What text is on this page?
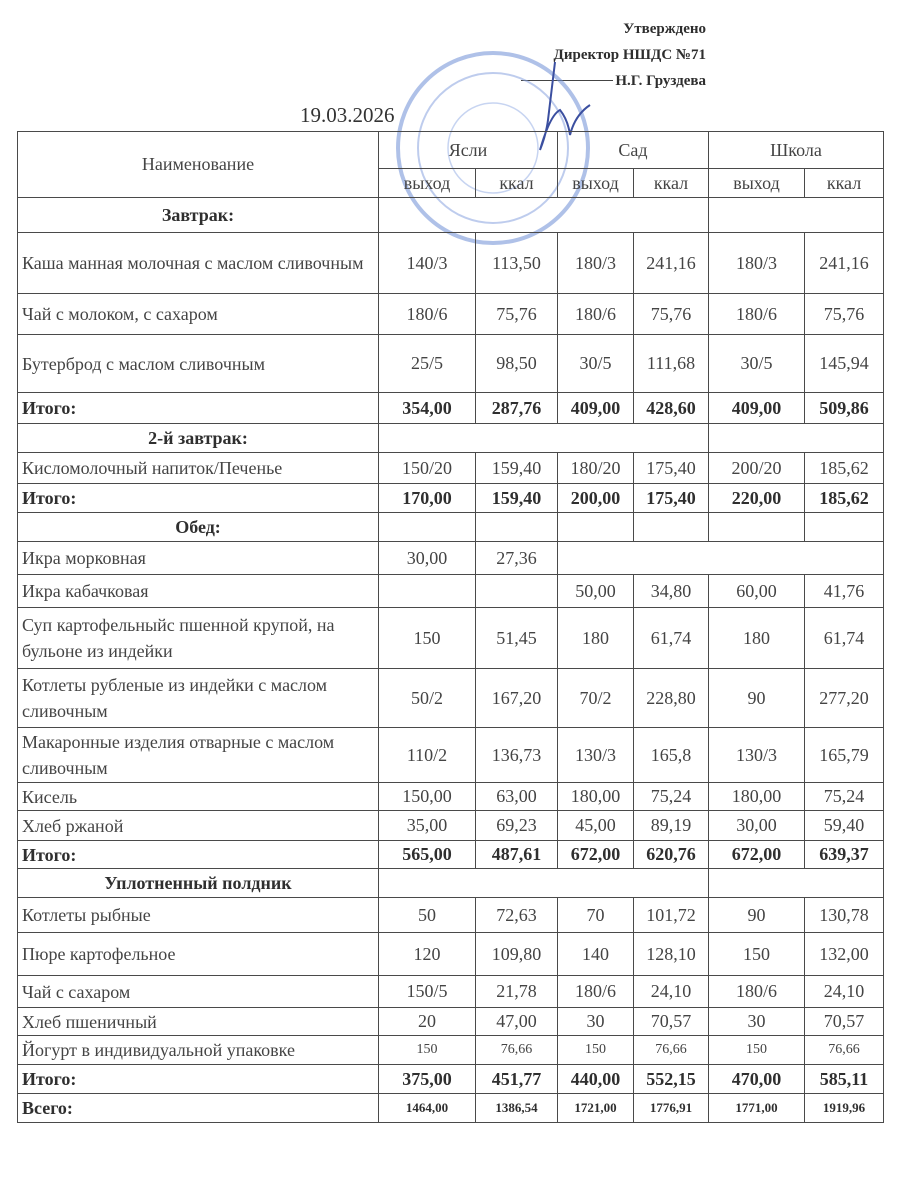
Утверждено
Директор НШДС №71
Н.Г. Груздева
19.03.2026
Наименование	Ясли		Сад		Школа	
	выход	ккал	выход	ккал	выход	ккал
Завтрак:						
Каша манная молочная с маслом сливочным	140/3	113,50	180/3	241,16	180/3	241,16
Чай с молоком, с сахаром	180/6	75,76	180/6	75,76	180/6	75,76
Бутерброд с маслом сливочным	25/5	98,50	30/5	111,68	30/5	145,94
Итого:	354,00	287,76	409,00	428,60	409,00	509,86
2-й завтрак:						
Кисломолочный напиток/Печенье	150/20	159,40	180/20	175,40	200/20	185,62
Итого:	170,00	159,40	200,00	175,40	220,00	185,62
Обед:						
Икра морковная	30,00	27,36				
Икра кабачковая			50,00	34,80	60,00	41,76
Суп картофельныйс пшенной крупой, на бульоне из индейки	150	51,45	180	61,74	180	61,74
Котлеты рубленые из индейки с маслом сливочным	50/2	167,20	70/2	228,80	90	277,20
Макаронные изделия отварные с маслом сливочным	110/2	136,73	130/3	165,8	130/3	165,79
Кисель	150,00	63,00	180,00	75,24	180,00	75,24
Хлеб ржаной	35,00	69,23	45,00	89,19	30,00	59,40
Итого:	565,00	487,61	672,00	620,76	672,00	639,37
Уплотненный полдник						
Котлеты рыбные	50	72,63	70	101,72	90	130,78
Пюре картофельное	120	109,80	140	128,10	150	132,00
Чай с сахаром	150/5	21,78	180/6	24,10	180/6	24,10
Хлеб пшеничный	20	47,00	30	70,57	30	70,57
Йогурт в индивидуальной упаковке	150	76,66	150	76,66	150	76,66
Итого:	375,00	451,77	440,00	552,15	470,00	585,11
Всего:	1464,00	1386,54	1721,00	1776,91	1771,00	1919,96
